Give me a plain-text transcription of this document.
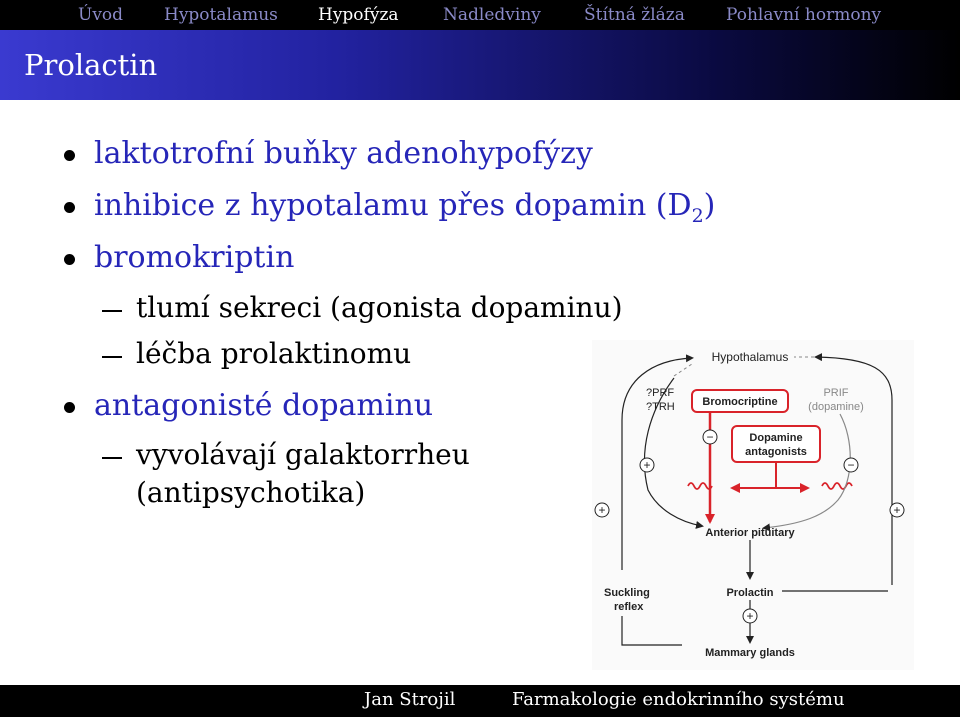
Úvod Hypotalamus Hypofýza	Nadledviny	Štítná žláza Pohlavní hormony
Prolactin
laktotrofní buňky adenohypofýzy
inhibice z hypotalamu přes dopamin $(D_2)$
bromokriptin
tlumí sekreci (agonista dopaminu)
léčba prolaktinomu
antagonisté dopaminu
vyvolávají galaktorrheu
(antipsychotika)
Hypothalamus
?PRF
?TRH
PRIF
(dopamine)
Bromocriptine
Dopamine
antagonists
−
+	−
Anterior pituitary
+
Suckling
reflex
+
Prolactin
+
Mammary glands
Jan Strojil	Farmakologie endokrinního systému
